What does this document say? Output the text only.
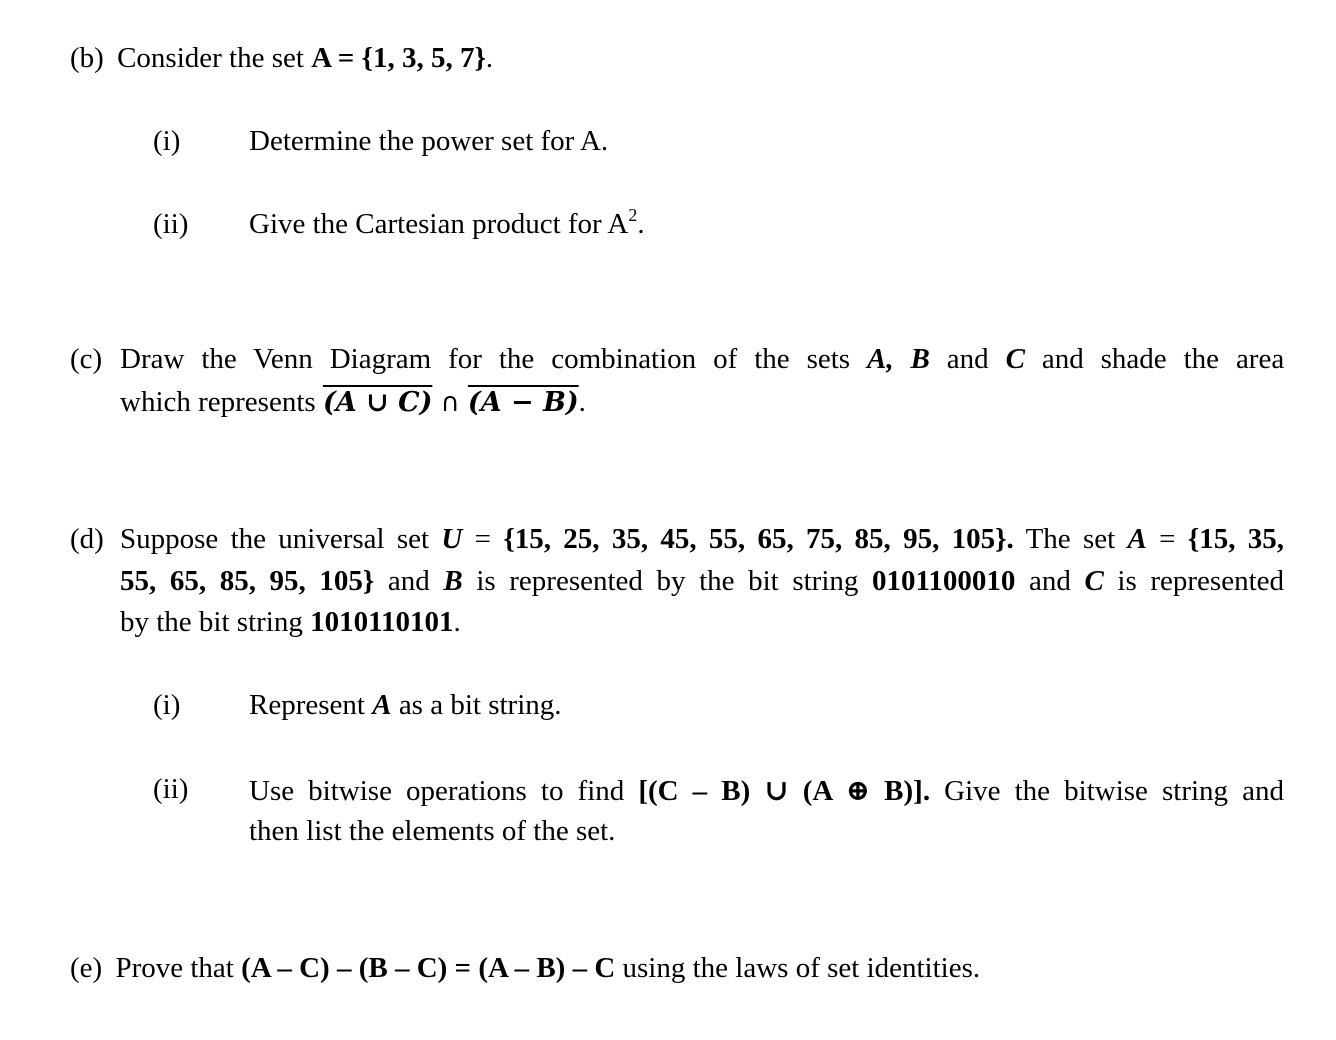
(b) Consider the set A = {1, 3, 5, 7}.
(i) Determine the power set for A.
(ii) Give the Cartesian product for $A^2$.
(c) Draw the Venn Diagram for the combination of the sets A, B and C and shade the area
which represents (A ∪ C) ∩ (A − B).
(d) Suppose the universal set U = {15, 25, 35, 45, 55, 65, 75, 85, 95, 105}. The set A = {15, 35,
55, 65, 85, 95, 105} and B is represented by the bit string 0101100010 and C is represented
by the bit string 1010110101.
(i) Represent A as a bit string.
(ii) Use bitwise operations to find [(C – B) ∪ (A ⊕ B)]. Give the bitwise string and
then list the elements of the set.
(e) Prove that (A – C) – (B – C) = (A – B) – C using the laws of set identities.
